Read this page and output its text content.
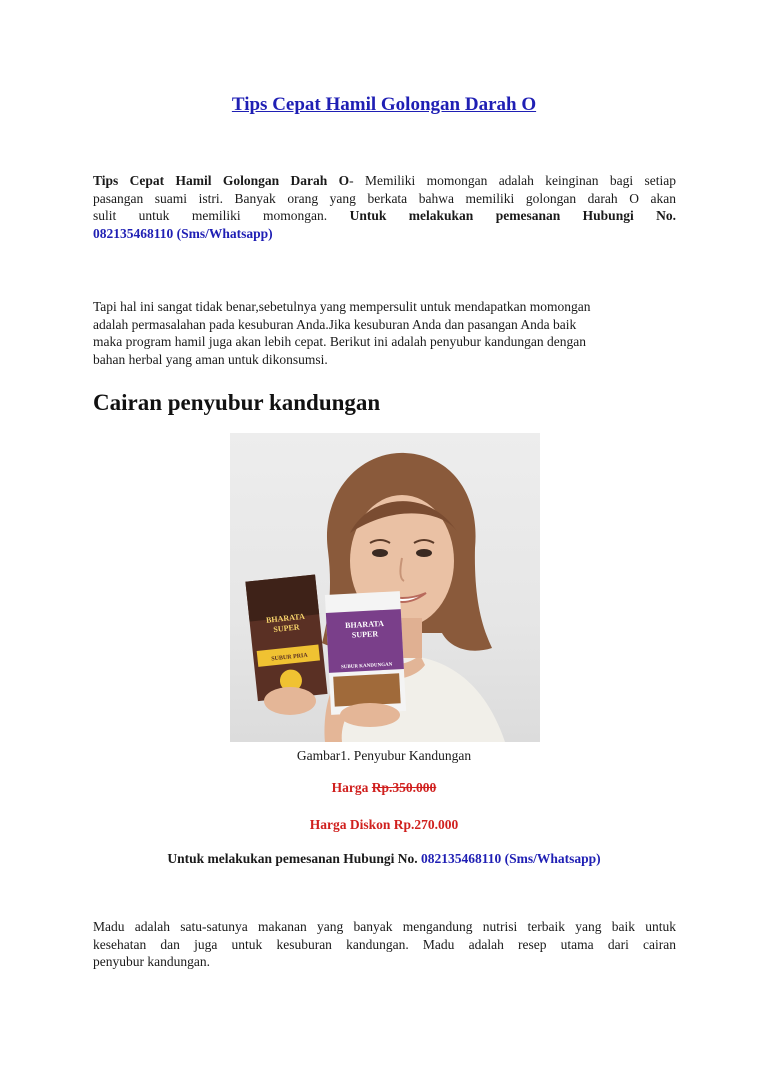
Tips Cepat Hamil Golongan Darah O
Tips Cepat Hamil Golongan Darah O- Memiliki momongan adalah keinginan bagi setiap
pasangan suami istri. Banyak orang yang berkata bahwa memiliki golongan darah O akan
sulit untuk memiliki momongan. Untuk melakukan pemesanan Hubungi No.
082135468110 (Sms/Whatsapp)
Tapi hal ini sangat tidak benar,sebetulnya yang mempersulit untuk mendapatkan momongan
adalah permasalahan pada kesuburan Anda.Jika kesuburan Anda dan pasangan Anda baik
maka program hamil juga akan lebih cepat. Berikut ini adalah penyubur kandungan dengan
bahan herbal yang aman untuk dikonsumsi.
Cairan penyubur kandungan
BHARATA
SUPER
SUBUR PRIA
BHARATA
SUPER
SUBUR KANDUNGAN
Gambar1. Penyubur Kandungan
Harga Rp.350.000
Harga Diskon Rp.270.000
Untuk melakukan pemesanan Hubungi No. 082135468110 (Sms/Whatsapp)
Madu adalah satu-satunya makanan yang banyak mengandung nutrisi terbaik yang baik untuk
kesehatan dan juga untuk kesuburan kandungan. Madu adalah resep utama dari cairan
penyubur kandungan.
